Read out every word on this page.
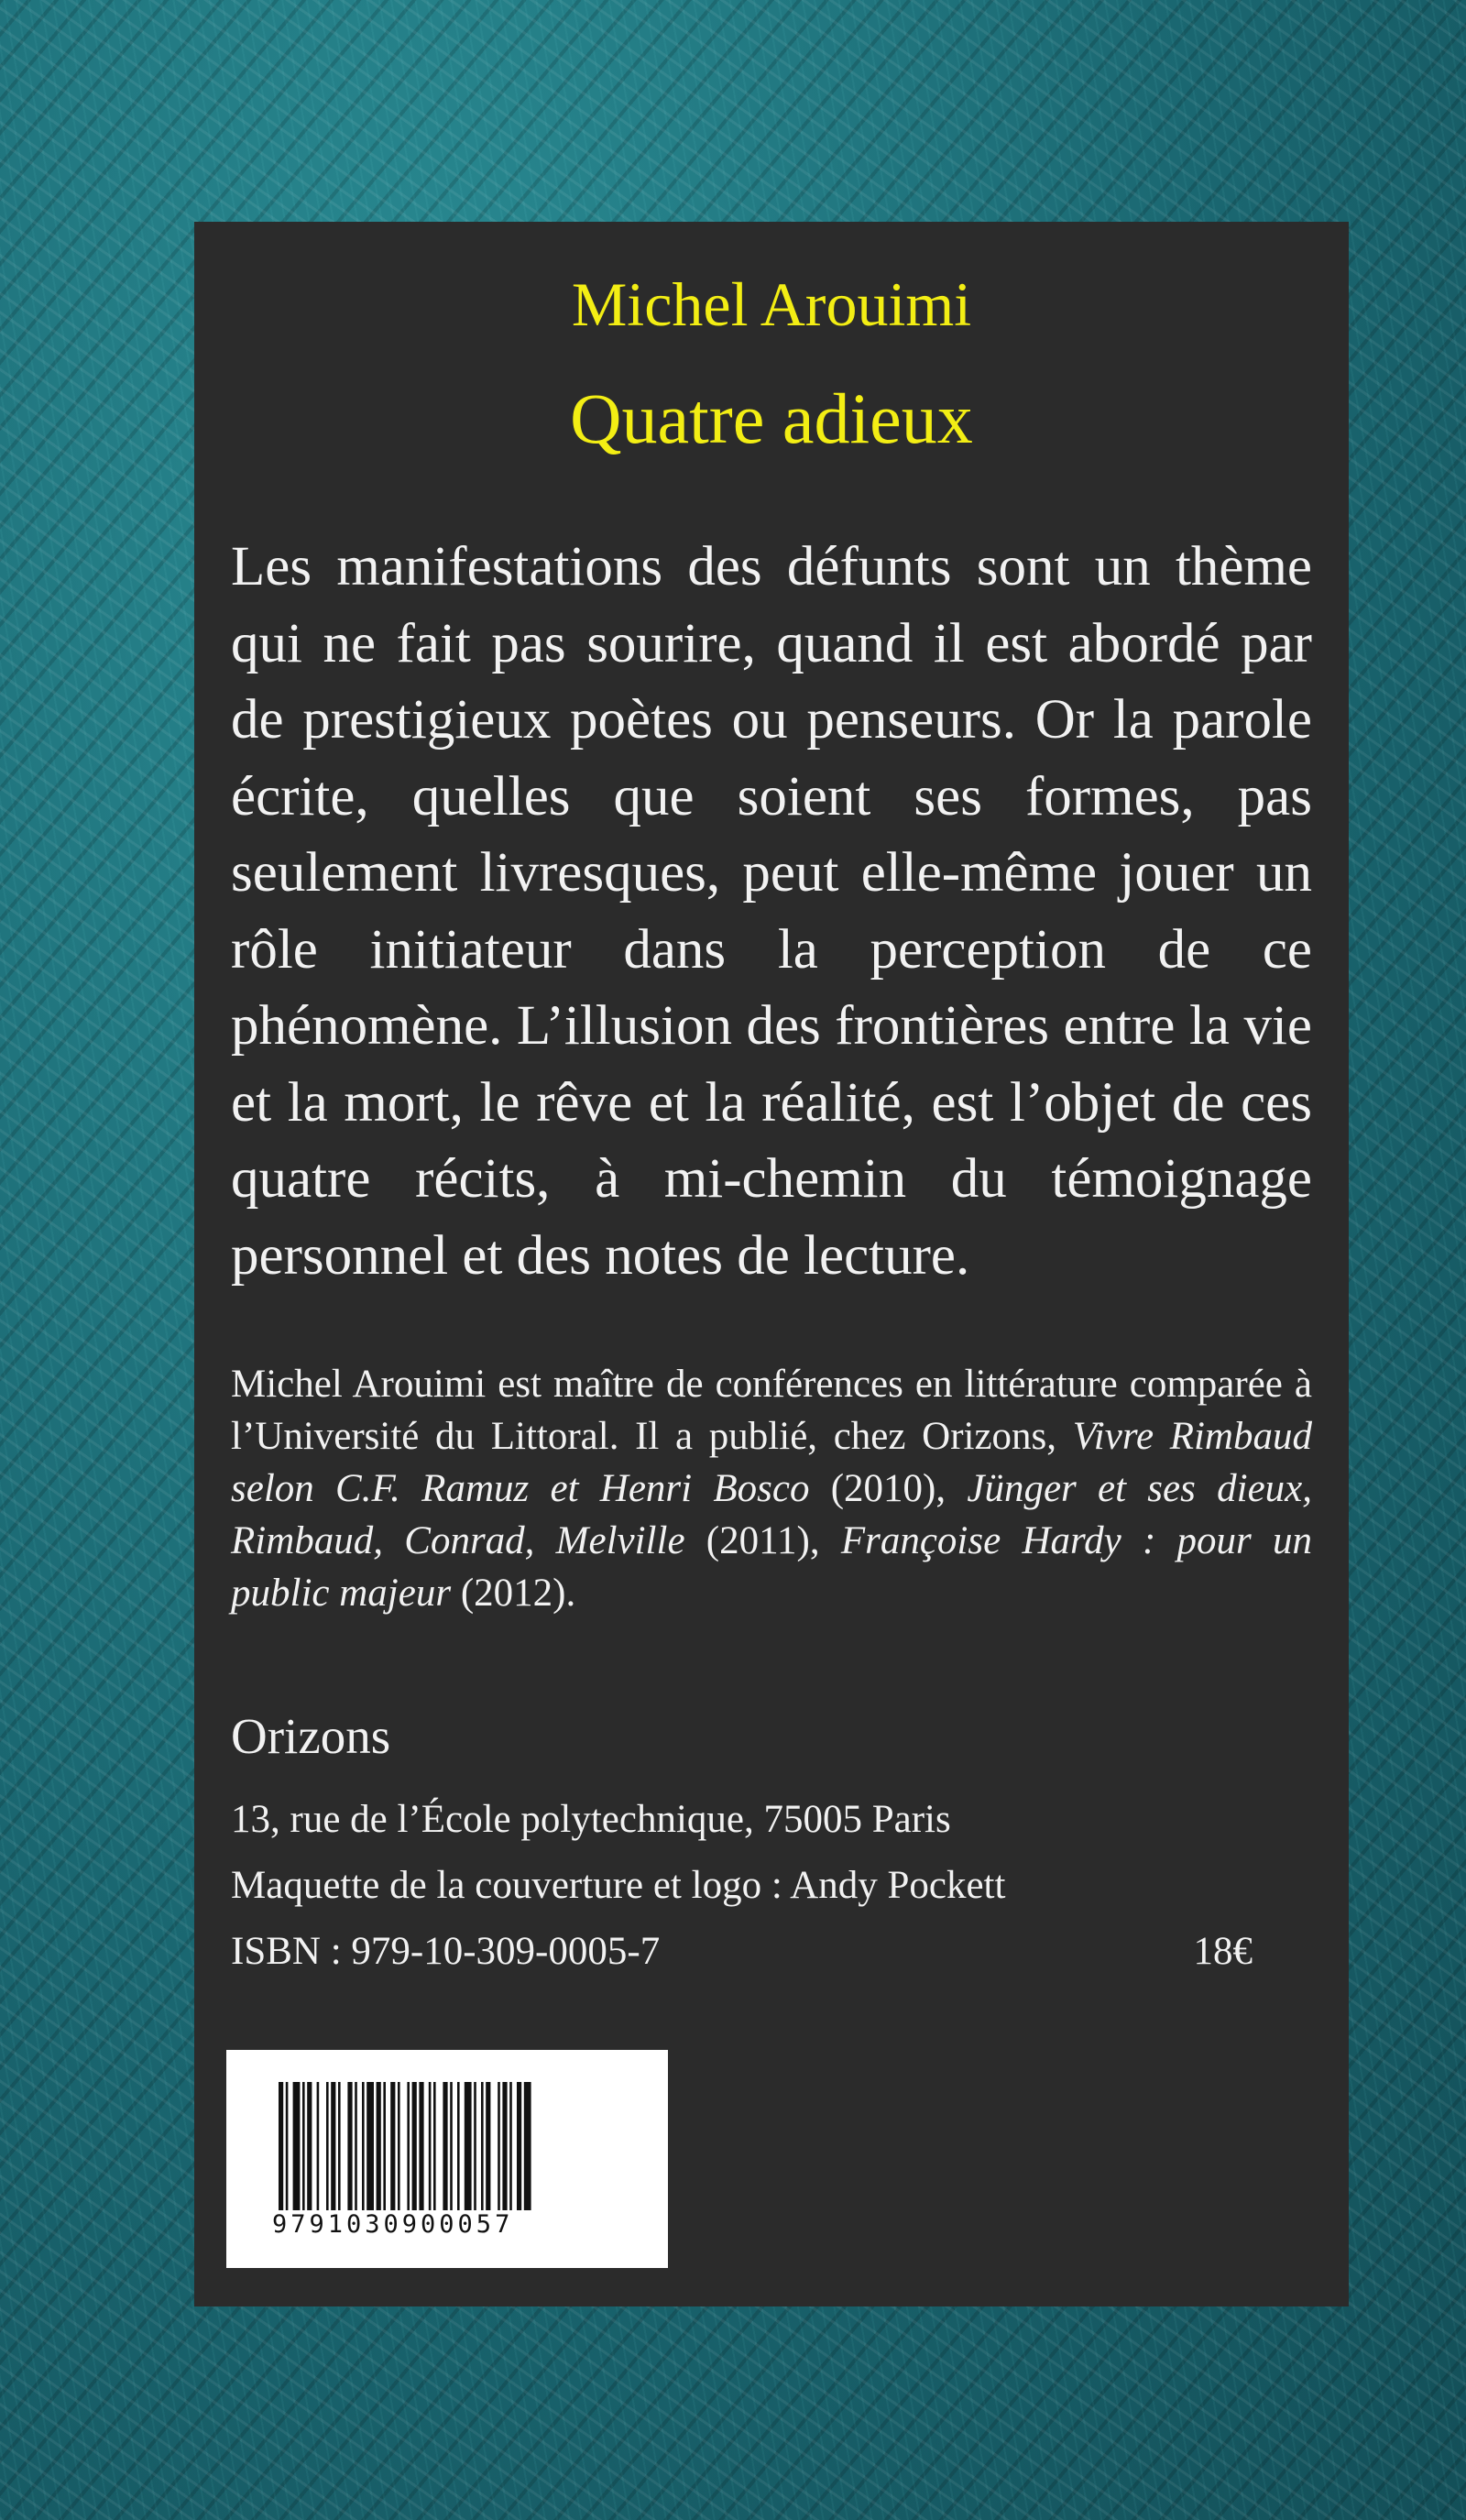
Michel Arouimi
Quatre adieux

Les manifestations des défunts sont un thème qui ne fait pas sourire, quand il est abordé par de prestigieux poètes ou penseurs. Or la parole écrite, quelles que soient ses formes, pas seulement livresques, peut elle-même jouer un rôle initiateur dans la perception de ce phénomène. L’illusion des frontières entre la vie et la mort, le rêve et la réalité, est l’objet de ces quatre récits, à mi-chemin du témoignage personnel et des notes de lecture.

Michel Arouimi est maître de conférences en littérature comparée à l’Université du Littoral. Il a publié, chez Orizons, Vivre Rimbaud selon C.F. Ramuz et Henri Bosco (2010), Jünger et ses dieux, Rimbaud, Conrad, Melville (2011), Françoise Hardy : pour un public majeur (2012).

Orizons

13, rue de l’École polytechnique, 75005 Paris

Maquette de la couverture et logo : Andy Pockett

ISBN : 979-10-309-0005-7	18€
9791030900057
